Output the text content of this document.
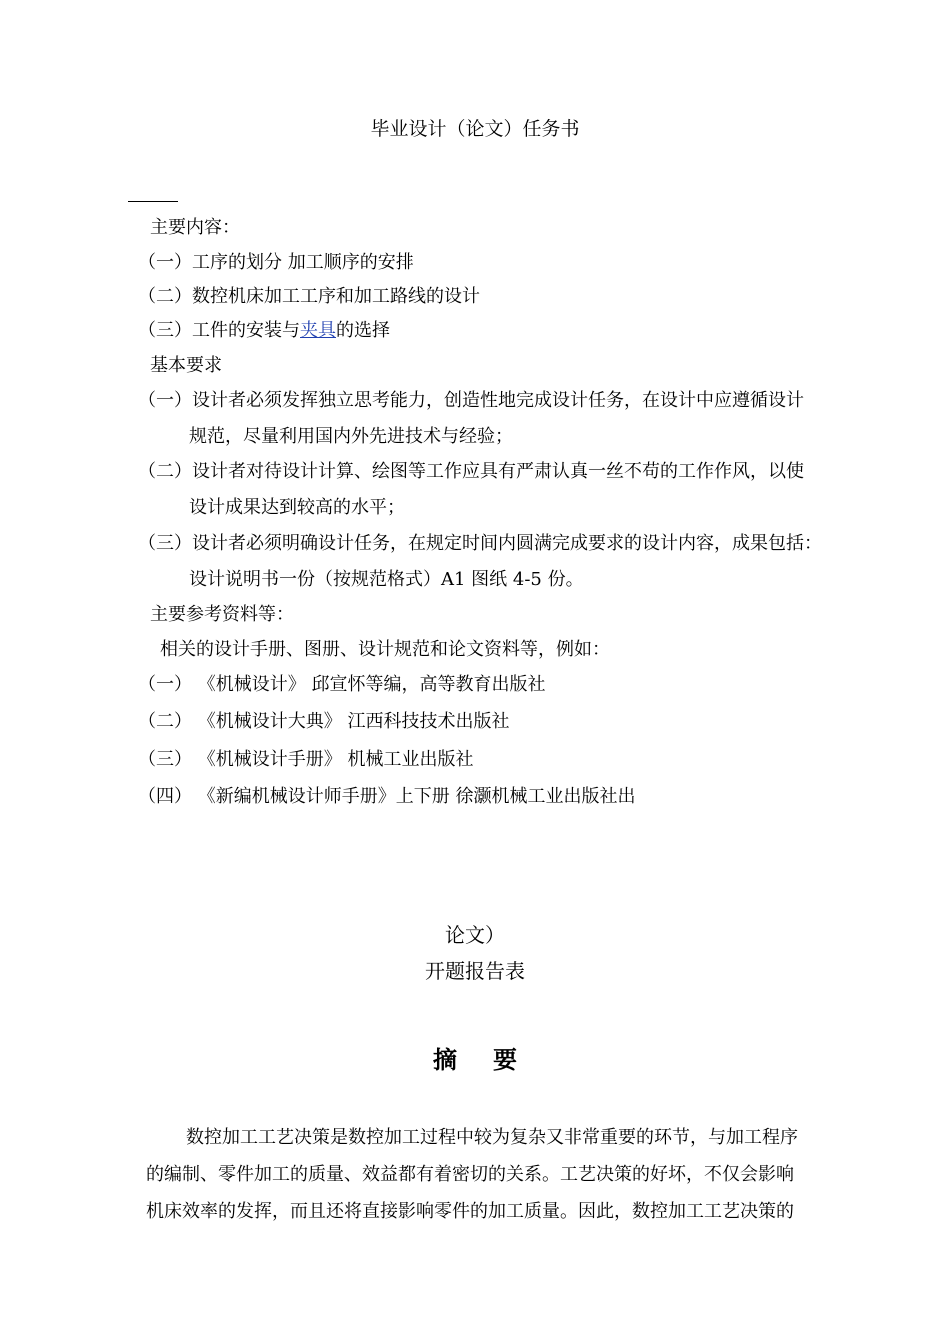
毕业设计（论文）任务书
主要内容：
（一）工序的划分 加工顺序的安排
（二）数控机床加工工序和加工路线的设计
（三）工件的安装与夹具的选择
基本要求
（一）设计者必须发挥独立思考能力，创造性地完成设计任务，在设计中应遵循设计
规范，尽量利用国内外先进技术与经验；
（二）设计者对待设计计算、绘图等工作应具有严肃认真一丝不苟的工作作风，以使
设计成果达到较高的水平；
（三）设计者必须明确设计任务，在规定时间内圆满完成要求的设计内容，成果包括：
设计说明书一份（按规范格式）A1 图纸 4-5 份。
主要参考资料等：
相关的设计手册、图册、设计规范和论文资料等，例如：
（一） 《机械设计》 邱宣怀等编，高等教育出版社
（二） 《机械设计大典》 江西科技技术出版社
（三） 《机械设计手册》 机械工业出版社
（四） 《新编机械设计师手册》上下册 徐灏机械工业出版社出
论文）
开题报告表
摘 要
数控加工工艺决策是数控加工过程中较为复杂又非常重要的环节，与加工程序
的编制、零件加工的质量、效益都有着密切的关系。工艺决策的好坏，不仅会影响
机床效率的发挥，而且还将直接影响零件的加工质量。因此，数控加工工艺决策的
